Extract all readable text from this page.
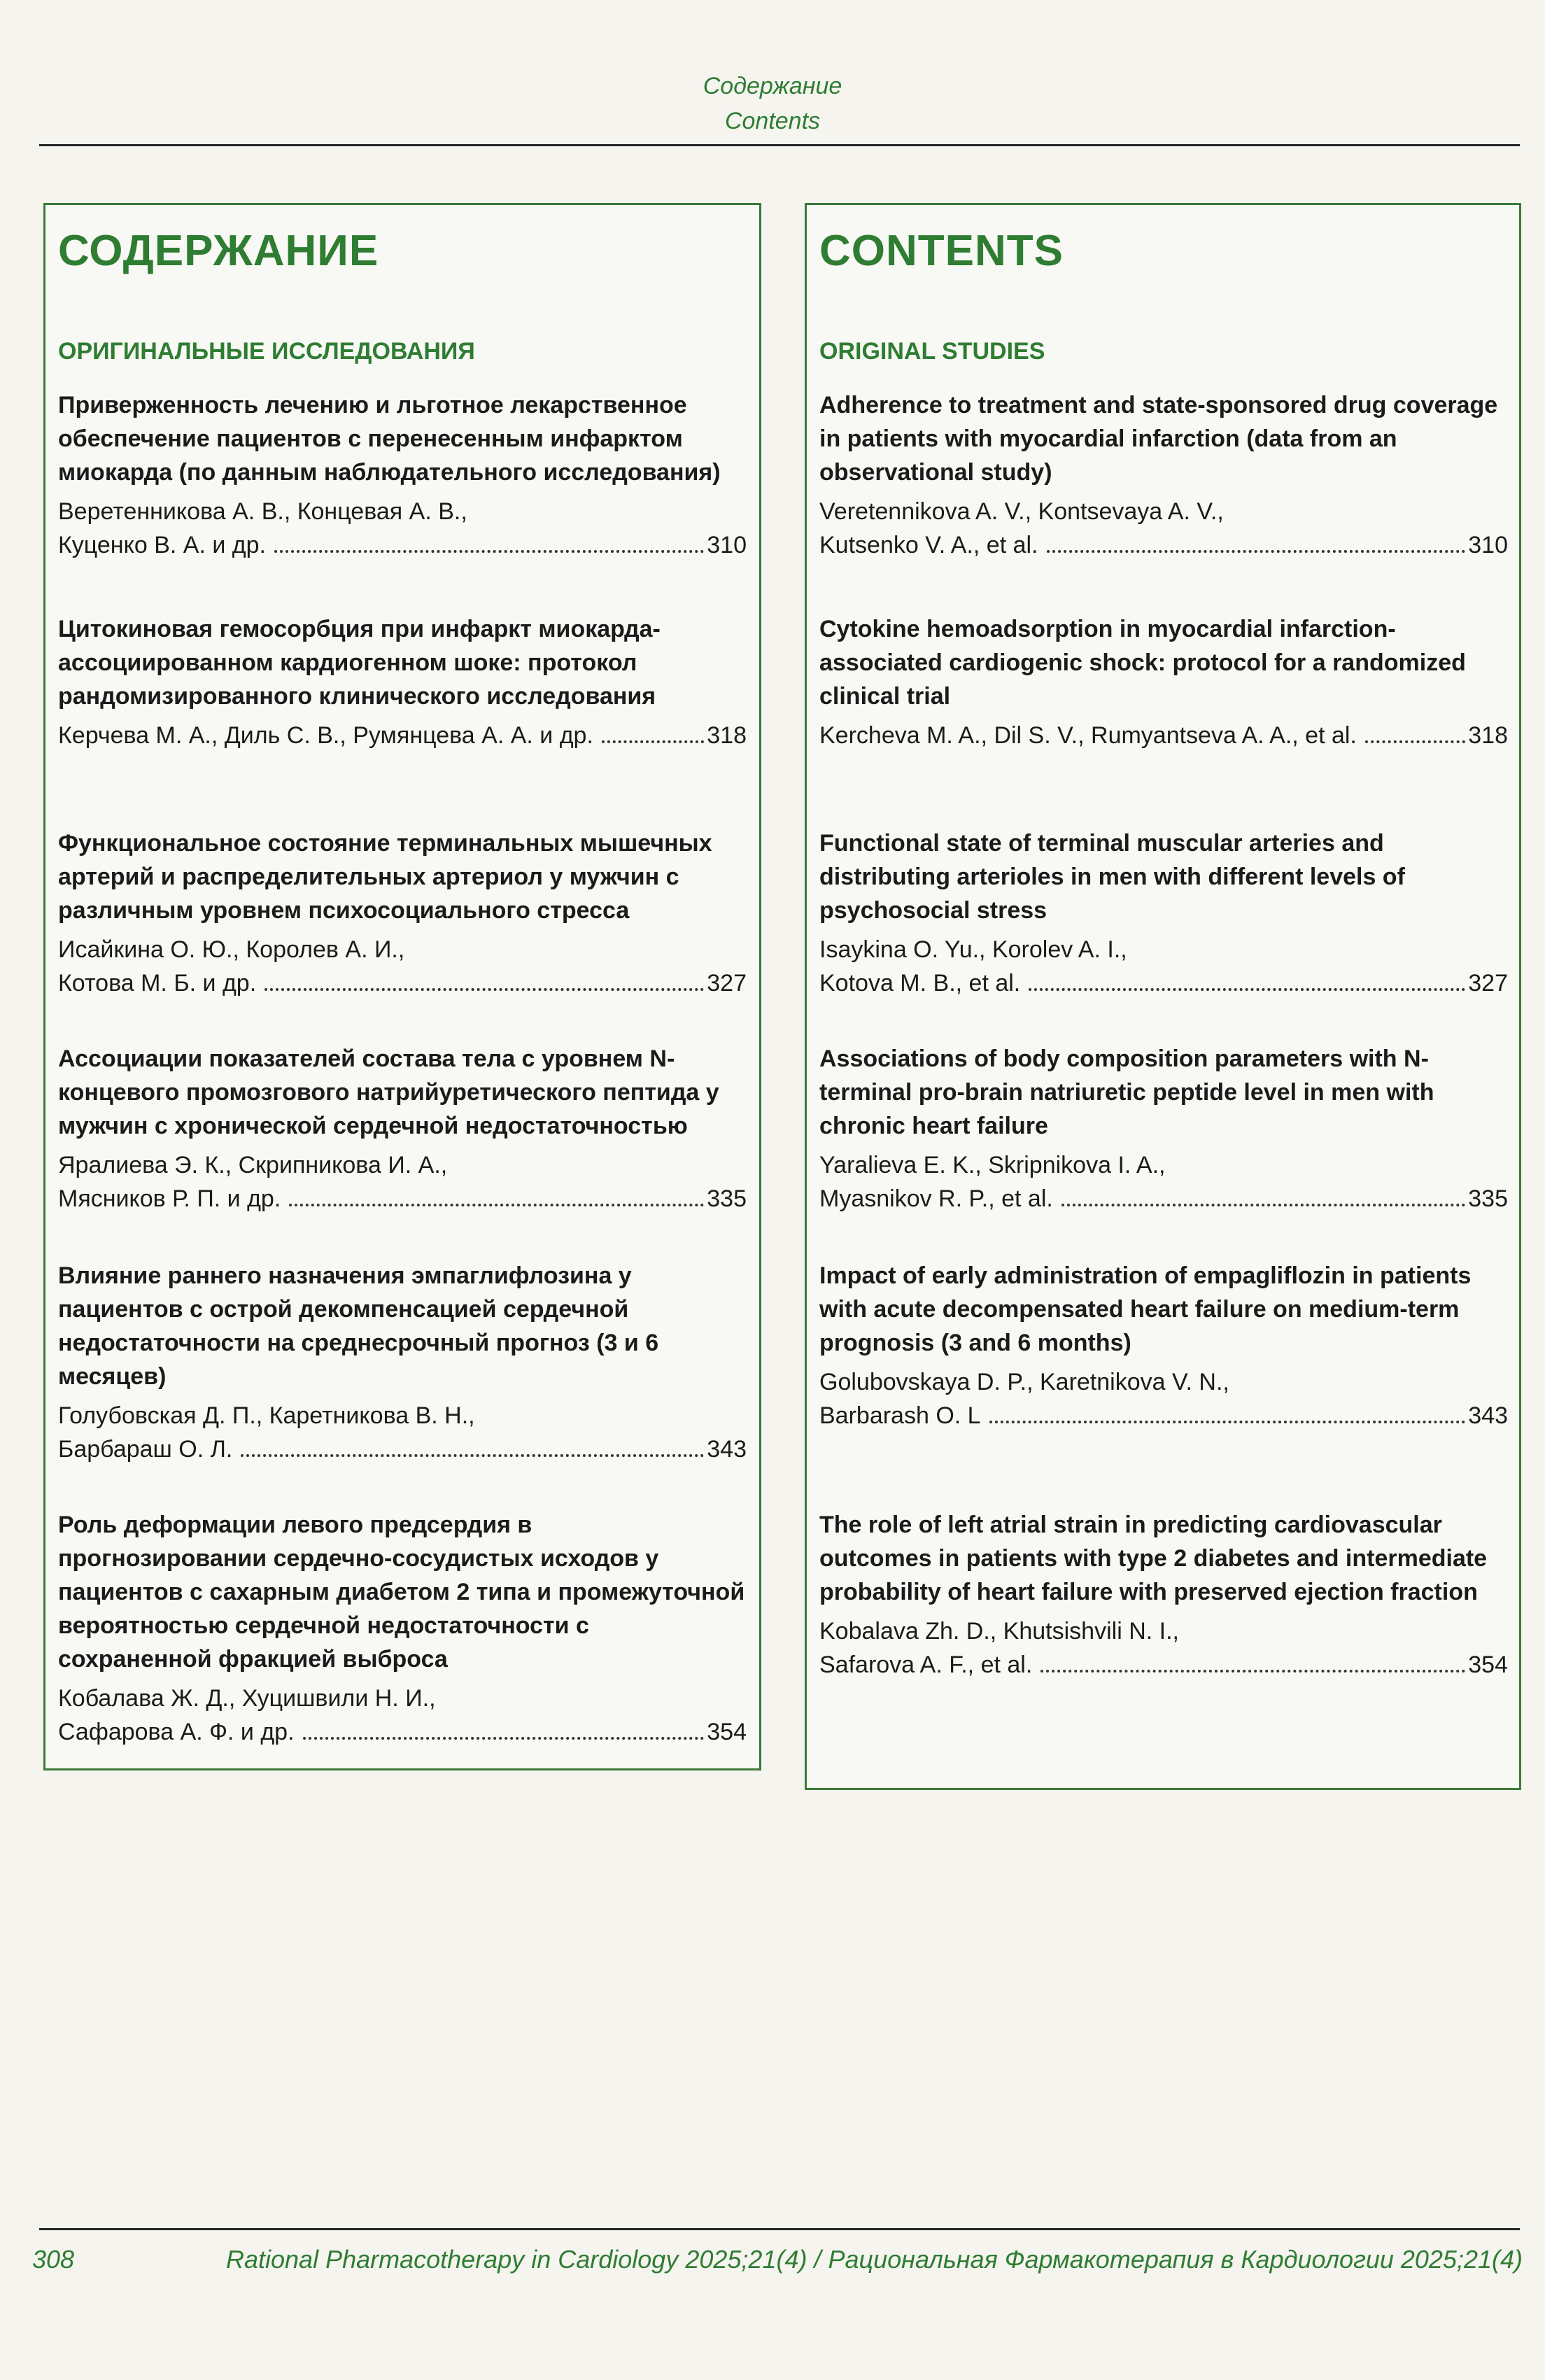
Содержание
Contents
СОДЕРЖАНИЕ
ОРИГИНАЛЬНЫЕ ИССЛЕДОВАНИЯ

Приверженность лечению и льготное лекарственное обеспечение пациентов с перенесенным инфарктом миокарда (по данным наблюдательного исследования)

Веретенникова А. В., Концевая А. В.,

Куценко В. А. и др.	310

Цитокиновая гемосорбция при инфаркт миокарда-ассоциированном кардиогенном шоке: протокол рандомизированного клинического исследования

Керчева М. А., Диль С. В., Румянцева А. А. и др.	318

Функциональное состояние терминальных мышечных артерий и распределительных артериол у мужчин с различным уровнем психосоциального стресса

Исайкина О. Ю., Королев А. И.,

Котова М. Б. и др.	327

Ассоциации показателей состава тела с уровнем N-концевого промозгового натрийуретического пептида у мужчин с хронической сердечной недостаточностью

Яралиева Э. К., Скрипникова И. А.,

Мясников Р. П. и др.	335

Влияние раннего назначения эмпаглифлозина у пациентов с острой декомпенсацией сердечной недостаточности на среднесрочный прогноз (3 и 6 месяцев)

Голубовская Д. П., Каретникова В. Н.,

Барбараш О. Л.	343

Роль деформации левого предсердия в прогнозировании сердечно-сосудистых исходов у пациентов с сахарным диабетом 2 типа и промежуточной вероятностью сердечной недостаточности с сохраненной фракцией выброса

Кобалава Ж. Д., Хуцишвили Н. И.,

Сафарова А. Ф. и др.	354
CONTENTS
ORIGINAL STUDIES

Adherence to treatment and state-sponsored drug coverage in patients with myocardial infarction (data from an observational study)

Veretennikova A. V., Kontsevaya A. V.,

Kutsenko V. A., et al.	310

Cytokine hemoadsorption in myocardial infarction-associated cardiogenic shock: protocol for a randomized clinical trial

Kercheva M. A., Dil S. V., Rumyantseva A. A., et al.	318

Functional state of terminal muscular arteries and distributing arterioles in men with different levels of psychosocial stress

Isaykina O. Yu., Korolev A. I.,

Kotova M. B., et al.	327

Associations of body composition parameters with N-terminal pro-brain natriuretic peptide level in men with chronic heart failure

Yaralieva E. K., Skripnikova I. A.,

Myasnikov R. P., et al.	335

Impact of early administration of empagliflozin in patients with acute decompensated heart failure on medium-term prognosis (3 and 6 months)

Golubovskaya D. P., Karetnikova V. N.,

Barbarash O. L	343

The role of left atrial strain in predicting cardiovascular outcomes in patients with type 2 diabetes and intermediate probability of heart failure with preserved ejection fraction

Kobalava Zh. D., Khutsishvili N. I.,

Safarova A. F., et al.	354
308	Rational Pharmacotherapy in Cardiology 2025;21(4) / Рациональная Фармакотерапия в Кардиологии 2025;21(4)
